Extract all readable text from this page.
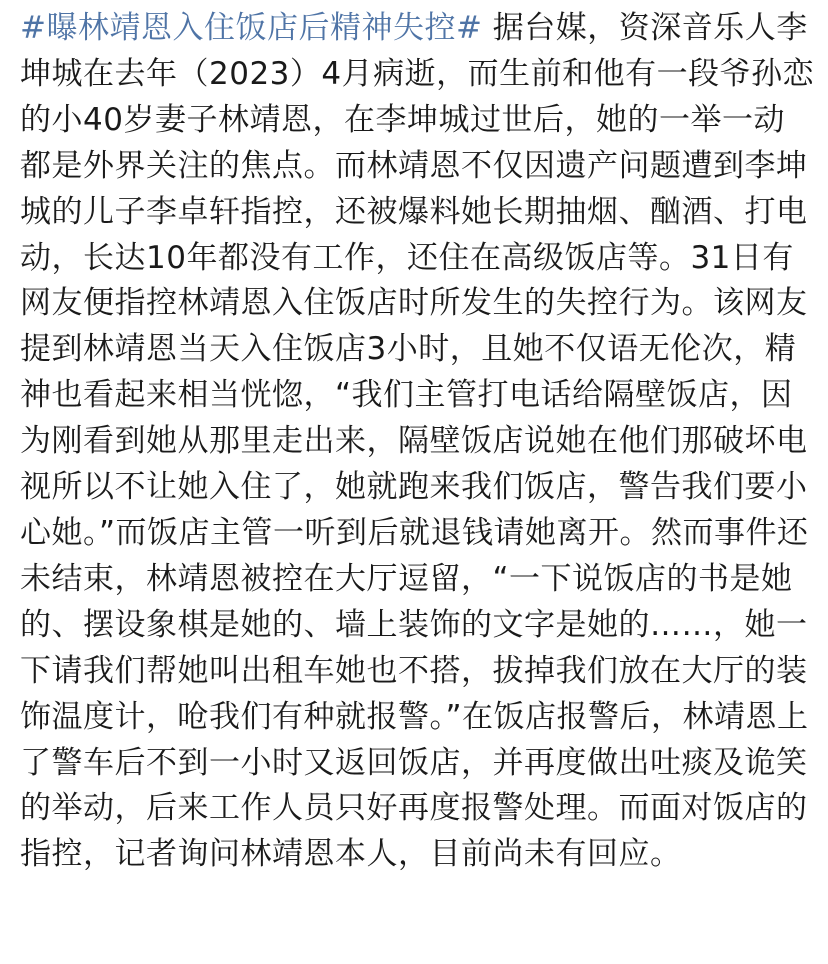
#曝林靖恩入住饭店后精神失控# 据台媒，资深音乐人李坤城在去年（2023）4月病逝，而生前和他有一段爷孙恋的小40岁妻子林靖恩，在李坤城过世后，她的一举一动都是外界关注的焦点。而林靖恩不仅因遗产问题遭到李坤城的儿子李卓轩指控，还被爆料她长期抽烟、酗酒、打电动，长达10年都没有工作，还住在高级饭店等。31日有网友便指控林靖恩入住饭店时所发生的失控行为。该网友提到林靖恩当天入住饭店3小时，且她不仅语无伦次，精神也看起来相当恍惚，“我们主管打电话给隔壁饭店，因为刚看到她从那里走出来，隔壁饭店说她在他们那破坏电视所以不让她入住了，她就跑来我们饭店，警告我们要小心她。”而饭店主管一听到后就退钱请她离开。然而事件还未结束，林靖恩被控在大厅逗留，“一下说饭店的书是她的、摆设象棋是她的、墙上装饰的文字是她的……，她一下请我们帮她叫出租车她也不搭，拔掉我们放在大厅的装饰温度计，呛我们有种就报警。”在饭店报警后，林靖恩上了警车后不到一小时又返回饭店，并再度做出吐痰及诡笑的举动，后来工作人员只好再度报警处理。而面对饭店的指控，记者询问林靖恩本人，目前尚未有回应。
